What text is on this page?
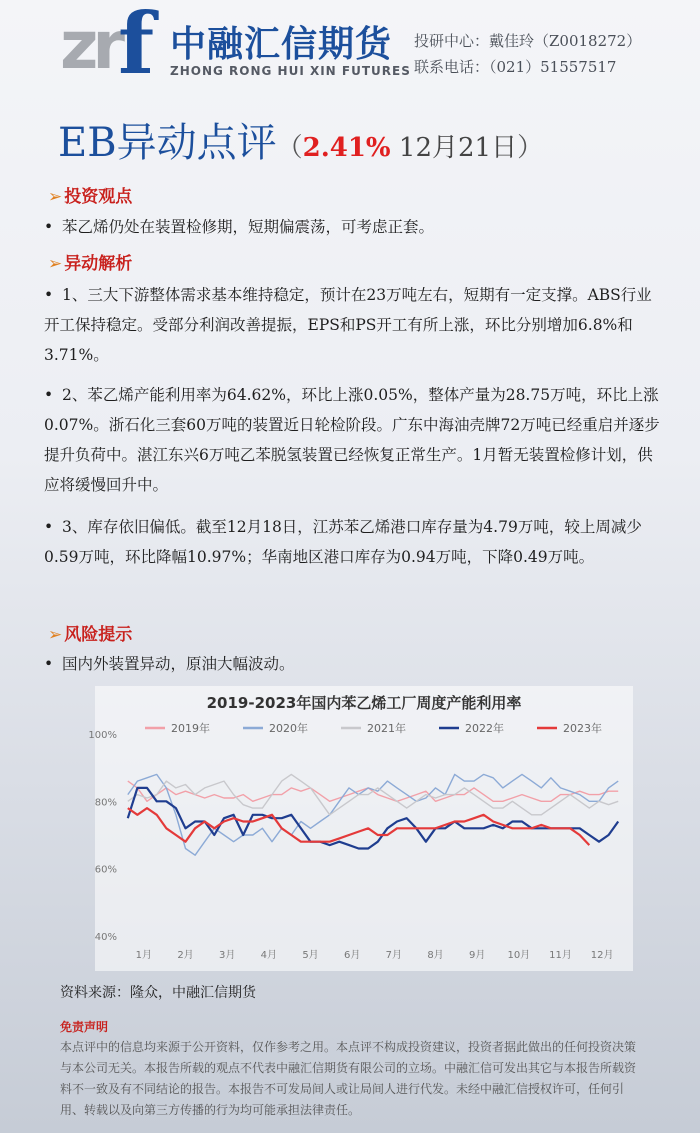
zr f 中融汇信期货
ZHONG RONG HUI XIN FUTURES
投研中心：戴佳玲（Z0018272）
联系电话：（021）51557517
EB异动点评（2.41% 12月21日）
➢ 投资观点
• 苯乙烯仍处在装置检修期，短期偏震荡，可考虑正套。
➢ 异动解析
• 1、三大下游整体需求基本维持稳定，预计在23万吨左右，短期有一定支撑。ABS行业开工保持稳定。受部分利润改善提振，EPS和PS开工有所上涨，环比分别增加6.8%和3.71%。
• 2、苯乙烯产能利用率为64.62%，环比上涨0.05%，整体产量为28.75万吨，环比上涨0.07%。浙石化三套60万吨的装置近日轮检阶段。广东中海油壳牌72万吨已经重启并逐步提升负荷中。湛江东兴6万吨乙苯脱氢装置已经恢复正常生产。1月暂无装置检修计划，供应将缓慢回升中。
• 3、库存依旧偏低。截至12月18日，江苏苯乙烯港口库存量为4.79万吨，较上周减少0.59万吨，环比降幅10.97%；华南地区港口库存为0.94万吨，下降0.49万吨。
➢ 风险提示
• 国内外装置异动，原油大幅波动。
2019-2023年国内苯乙烯工厂周度产能利用率
2019年	2020年	2021年	2022年	2023年
100%
80%
60%
40%
1月	2月	3月	4月	5月	6月	7月	8月	9月 10月 11月 12月
资料来源：隆众，中融汇信期货
免责声明
本点评中的信息均来源于公开资料，仅作参考之用。本点评不构成投资建议，投资者据此做出的任何投资决策与本公司无关。本报告所载的观点不代表中融汇信期货有限公司的立场。中融汇信可发出其它与本报告所载资料不一致及有不同结论的报告。本报告不可发局间人或让局间人进行代发。未经中融汇信授权许可，任何引用、转载以及向第三方传播的行为均可能承担法律责任。
